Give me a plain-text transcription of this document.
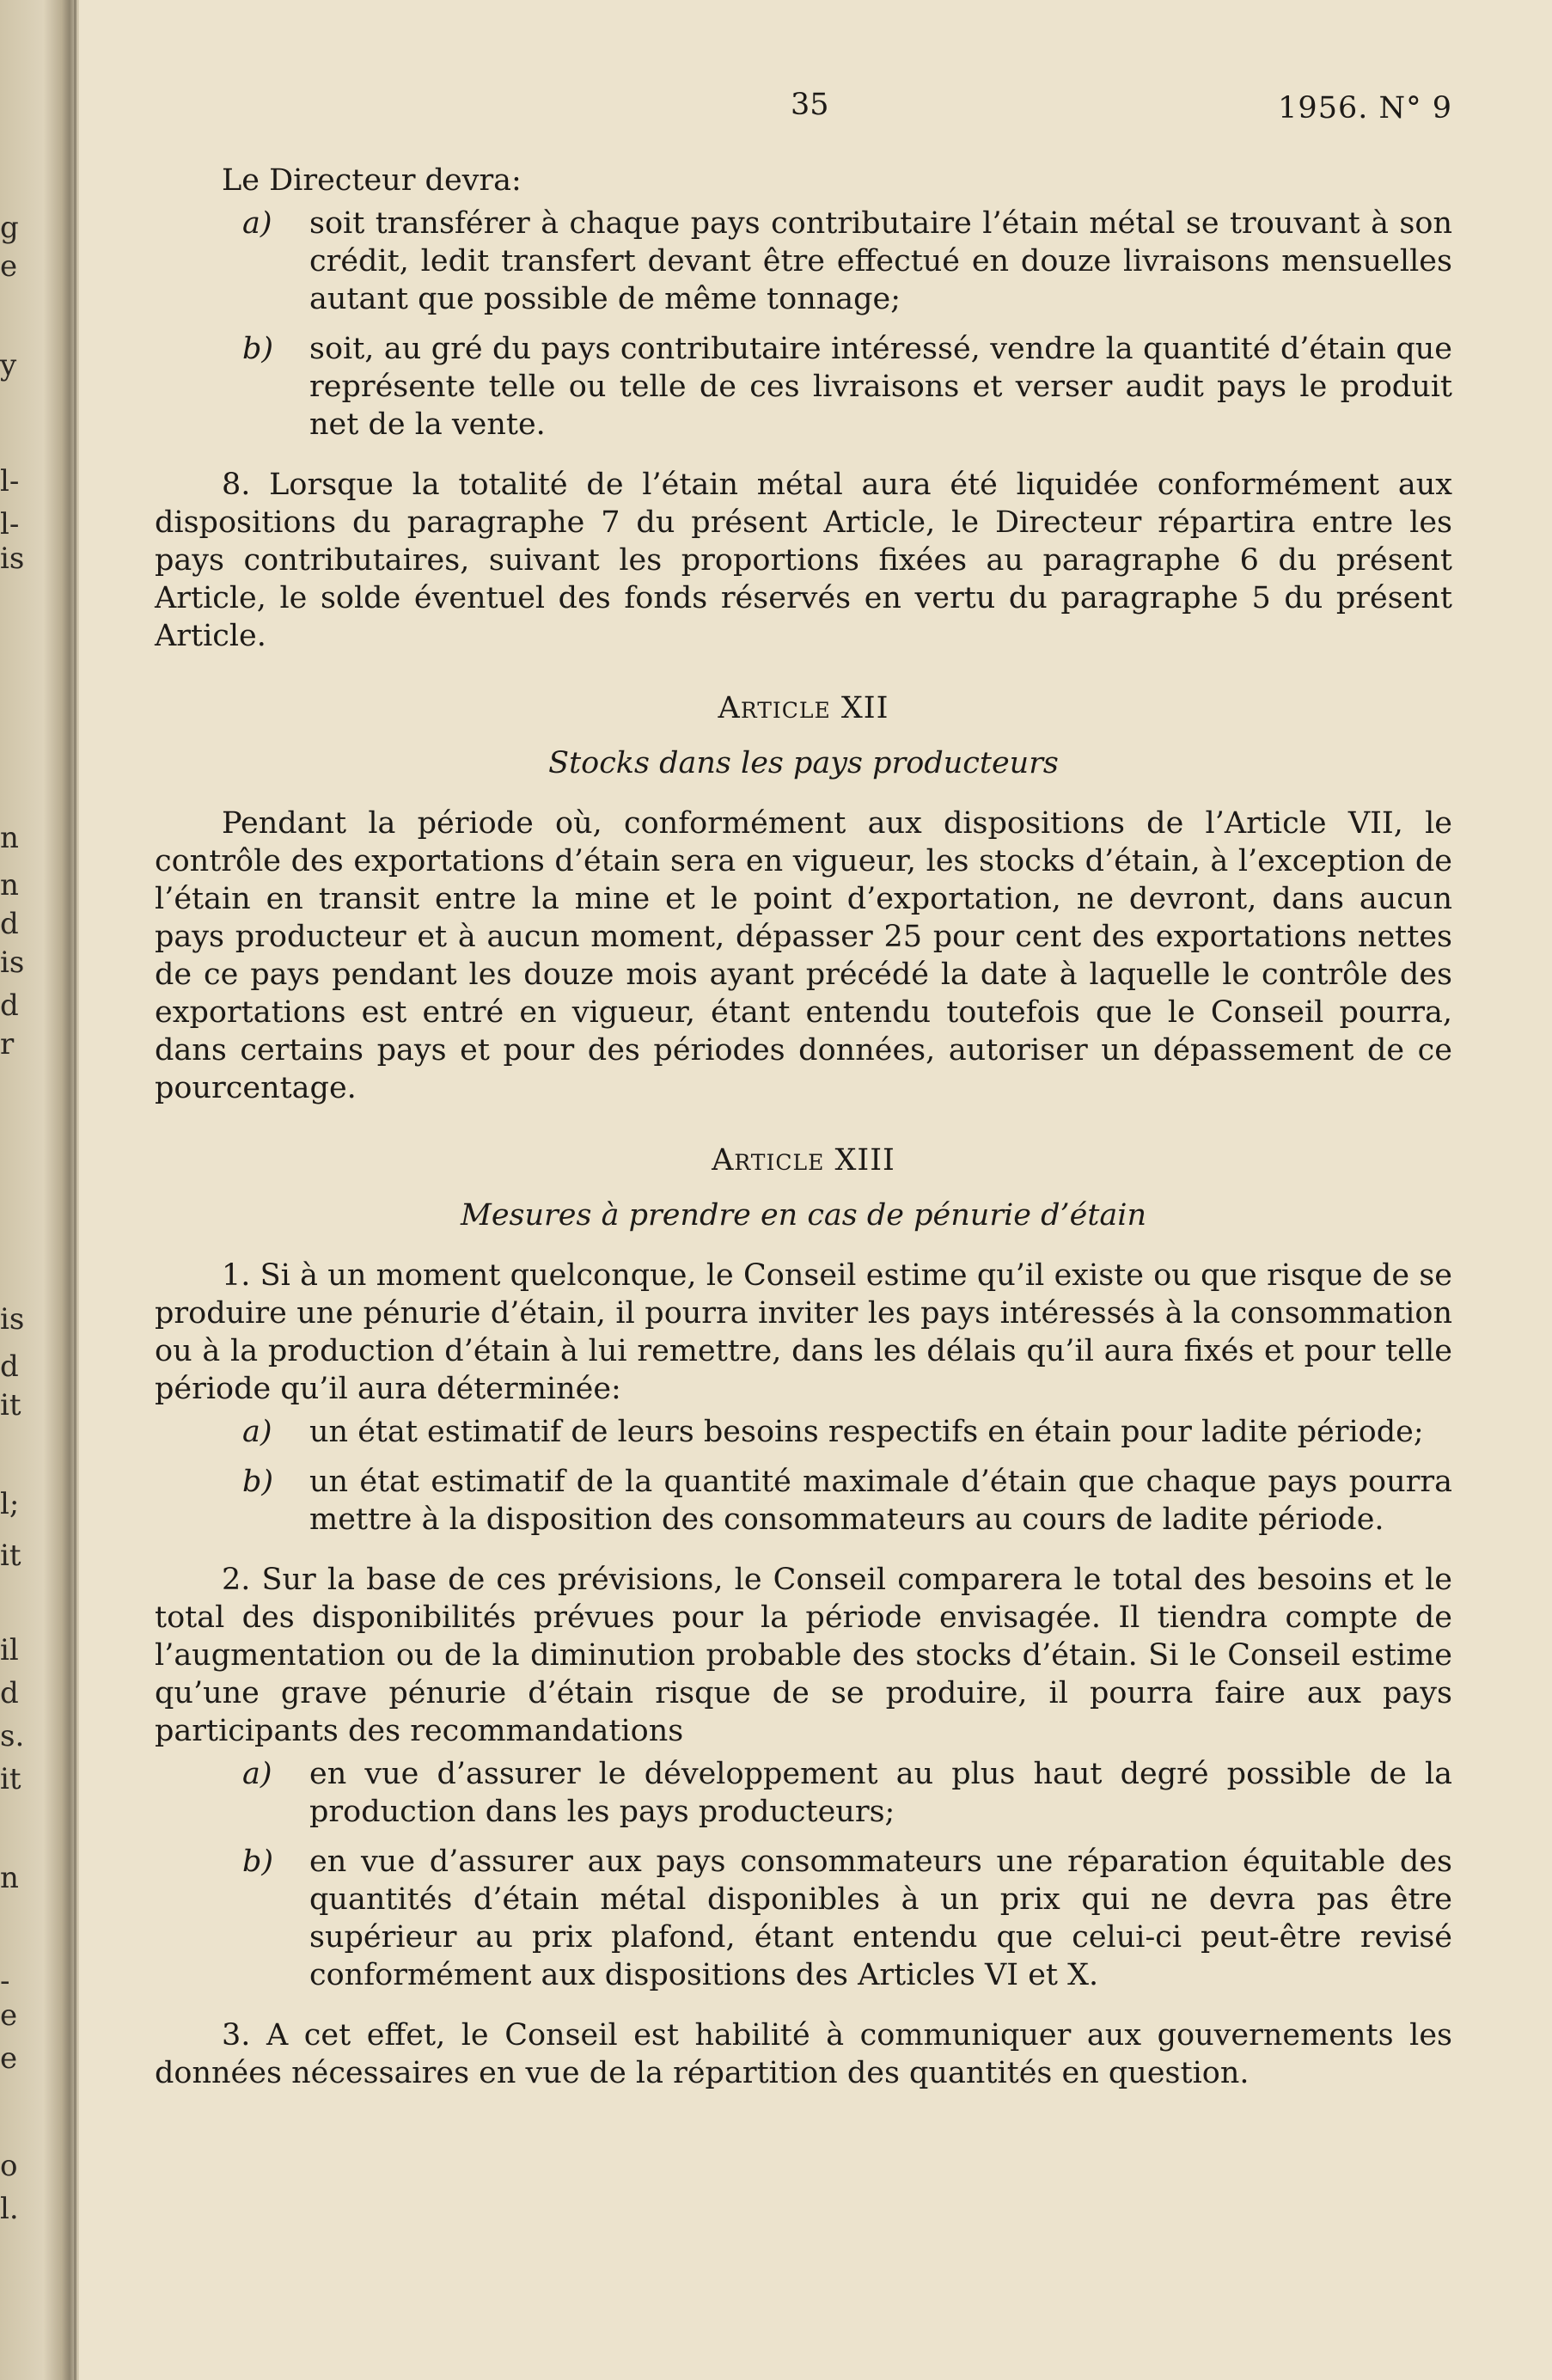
g
e
y
l-
l-
is
n
n
d
is
d
r
is
d
it
l;
it
il
d
s.
it
n
-
e
e
o
l.
35	1956. N° 9

Le Directeur devra:

a)	soit transférer à chaque pays contributaire l’étain métal se trouvant à son crédit, ledit transfert devant être effectué en douze livraisons mensuelles autant que possible de même tonnage;
b)	soit, au gré du pays contributaire intéressé, vendre la quantité d’étain que représente telle ou telle de ces livraisons et verser audit pays le produit net de la vente.

8. Lorsque la totalité de l’étain métal aura été liquidée conformément aux dispositions du paragraphe 7 du présent Article, le Directeur répartira entre les pays contributaires, suivant les proportions fixées au paragraphe 6 du présent Article, le solde éventuel des fonds réservés en vertu du paragraphe 5 du présent Article.

Article XII
Stocks dans les pays producteurs

Pendant la période où, conformément aux dispositions de l’Article VII, le contrôle des exportations d’étain sera en vigueur, les stocks d’étain, à l’exception de l’étain en transit entre la mine et le point d’exportation, ne devront, dans aucun pays producteur et à aucun moment, dépasser 25 pour cent des exportations nettes de ce pays pendant les douze mois ayant précédé la date à laquelle le contrôle des exportations est entré en vigueur, étant entendu toutefois que le Conseil pourra, dans certains pays et pour des périodes données, autoriser un dépassement de ce pourcentage.

Article XIII
Mesures à prendre en cas de pénurie d’étain

1. Si à un moment quelconque, le Conseil estime qu’il existe ou que risque de se produire une pénurie d’étain, il pourra inviter les pays intéressés à la consommation ou à la production d’étain à lui remettre, dans les délais qu’il aura fixés et pour telle période qu’il aura déterminée:

a)	un état estimatif de leurs besoins respectifs en étain pour ladite période;
b)	un état estimatif de la quantité maximale d’étain que chaque pays pourra mettre à la disposition des consommateurs au cours de ladite période.

2. Sur la base de ces prévisions, le Conseil comparera le total des besoins et le total des disponibilités prévues pour la période envisagée. Il tiendra compte de l’augmentation ou de la diminution probable des stocks d’étain. Si le Conseil estime qu’une grave pénurie d’étain risque de se produire, il pourra faire aux pays participants des recommandations

a)	en vue d’assurer le développement au plus haut degré possible de la production dans les pays producteurs;
b)	en vue d’assurer aux pays consommateurs une réparation équitable des quantités d’étain métal disponibles à un prix qui ne devra pas être supérieur au prix plafond, étant entendu que celui-ci peut-être revisé conformément aux dispositions des Articles VI et X.

3. A cet effet, le Conseil est habilité à communiquer aux gouvernements les données nécessaires en vue de la répartition des quantités en question.
